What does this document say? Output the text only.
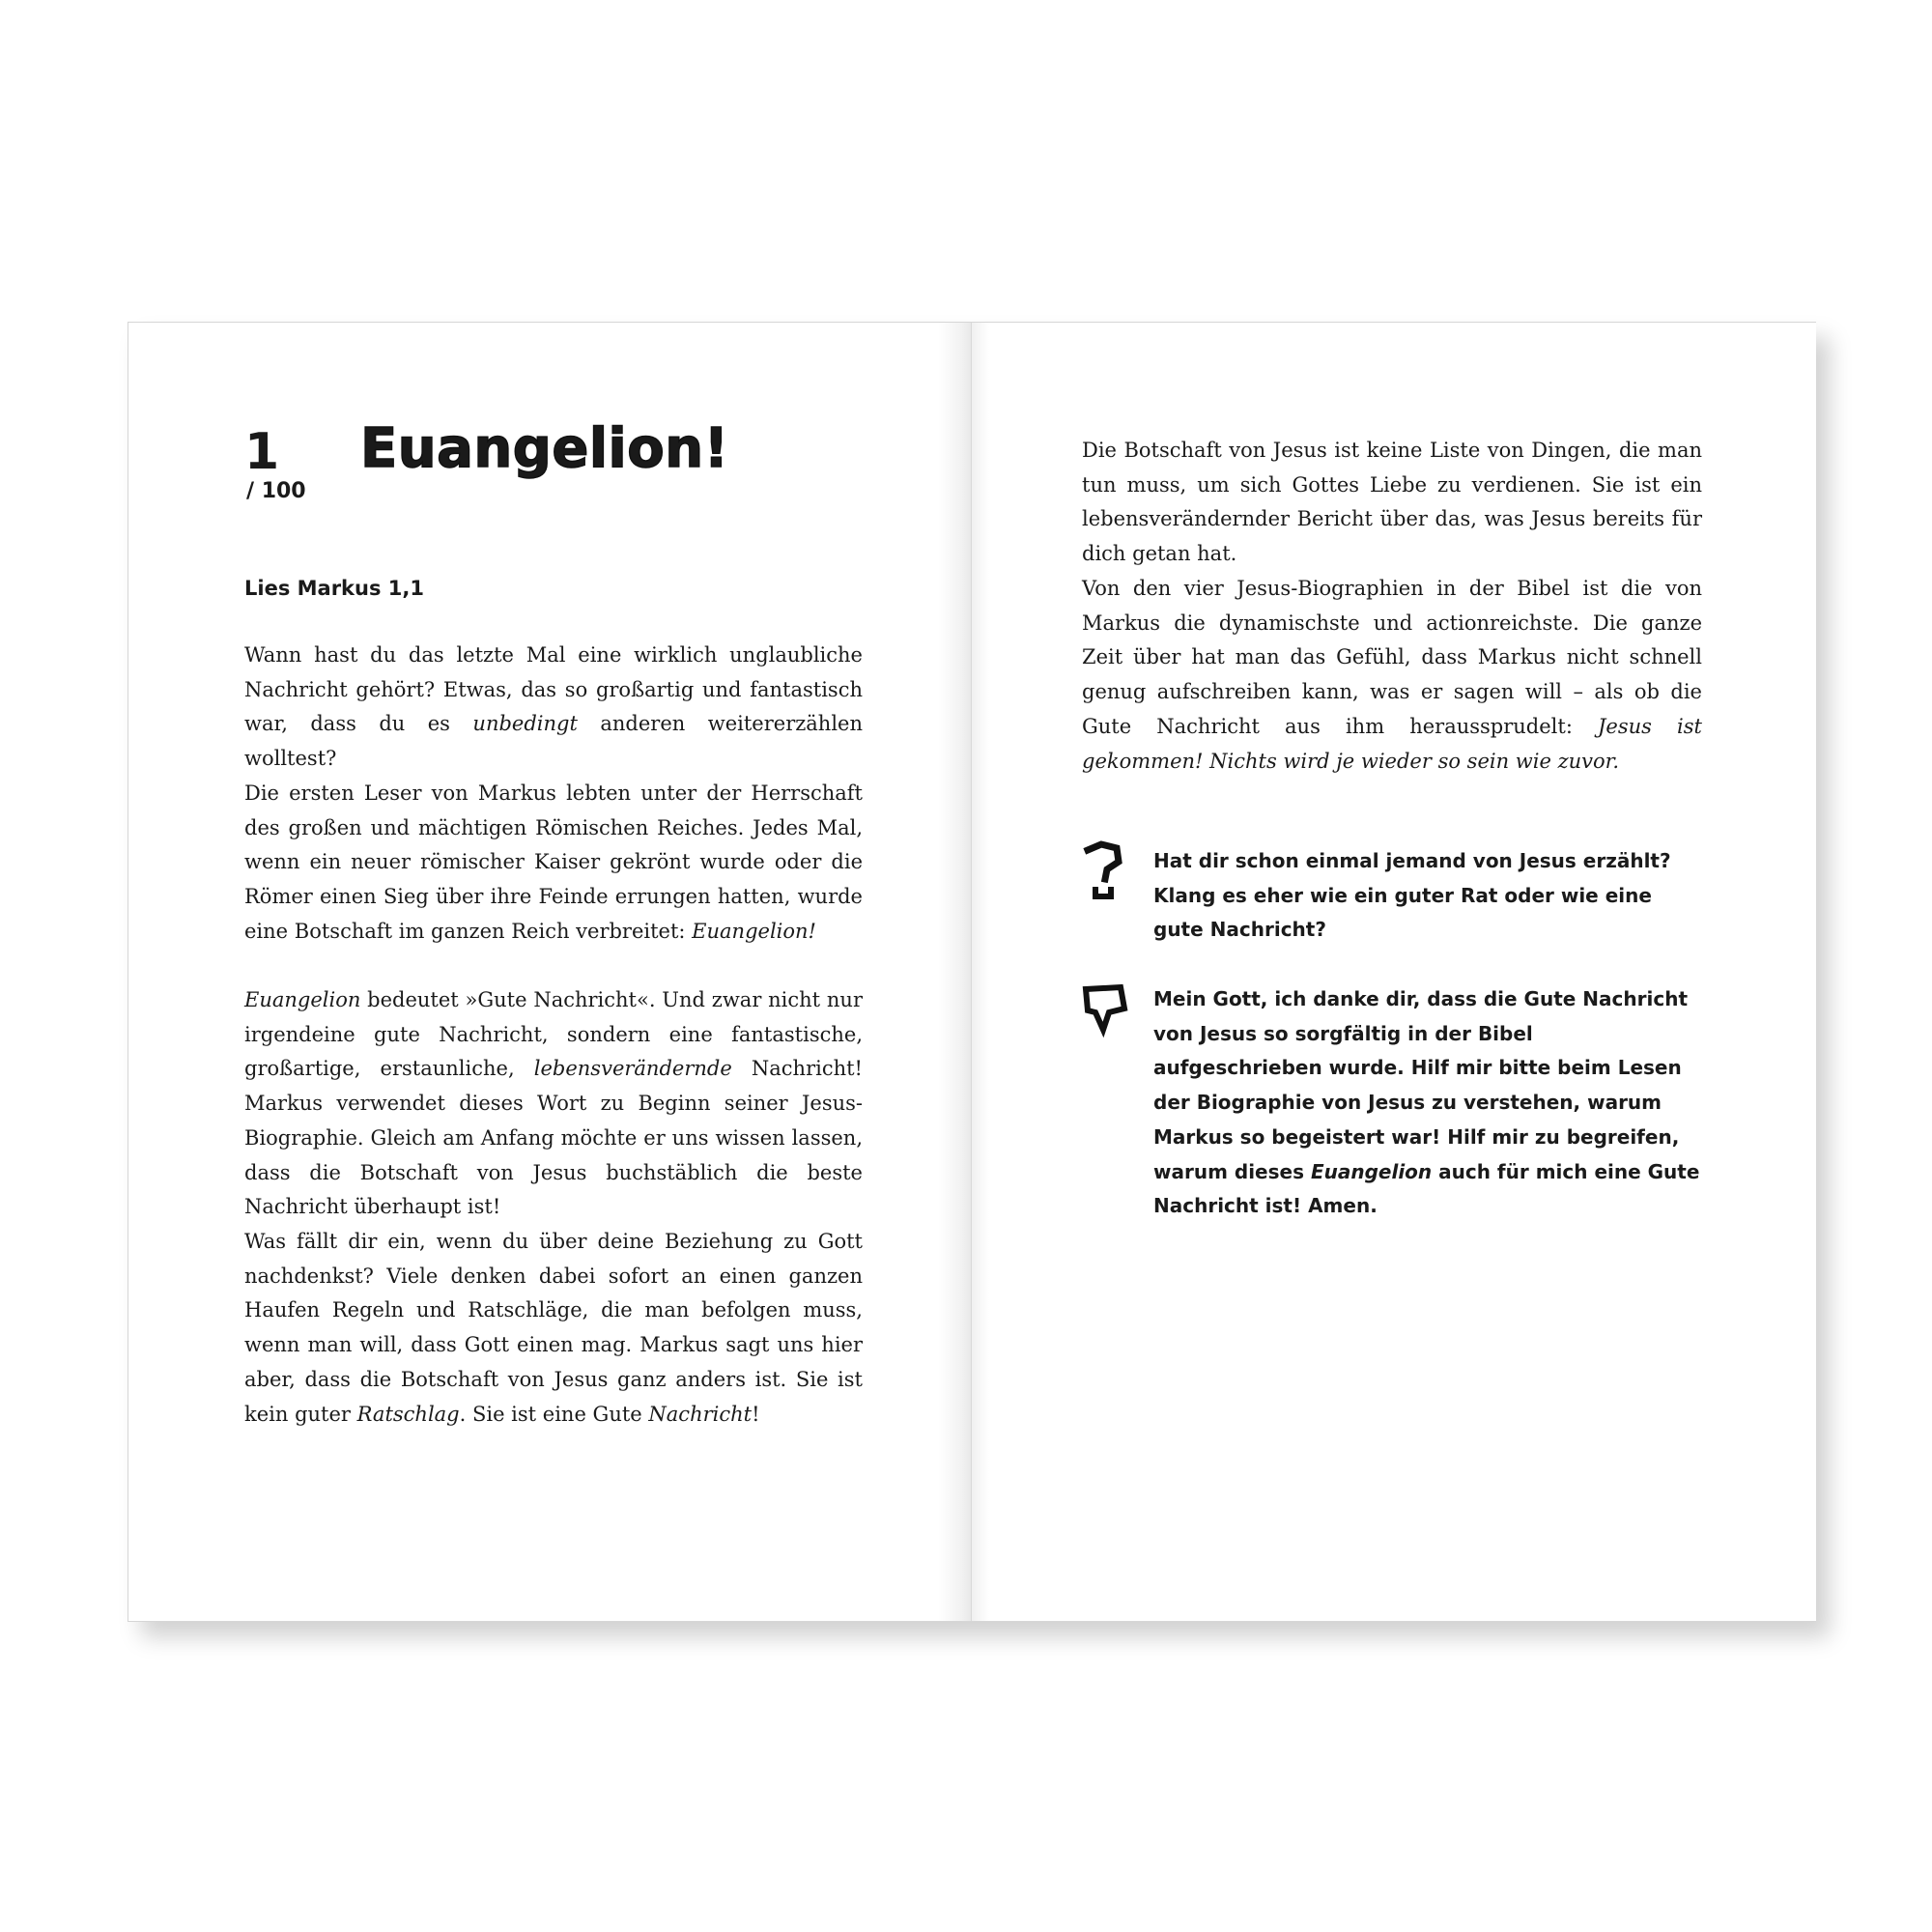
1
/ 100
Euangelion!
Lies Markus 1,1

Wann hast du das letzte Mal eine wirklich unglaubliche Nachricht gehört? Etwas, das so großartig und fantastisch war, dass du es unbedingt anderen weitererzählen wolltest?

Die ersten Leser von Markus lebten unter der Herrschaft des großen und mächtigen Römischen Reiches. Jedes Mal, wenn ein neuer römischer Kaiser gekrönt wurde oder die Römer einen Sieg über ihre Feinde errungen hatten, wurde eine Botschaft im ganzen Reich verbreitet: Euangelion!

Euangelion bedeutet »Gute Nachricht«. Und zwar nicht nur irgendeine gute Nachricht, sondern eine fantastische, großartige, erstaunliche, lebensverändernde Nachricht! Markus verwendet dieses Wort zu Beginn seiner Jesus-Biographie. Gleich am Anfang möchte er uns wissen lassen, dass die Botschaft von Jesus buchstäblich die beste Nachricht überhaupt ist!

Was fällt dir ein, wenn du über deine Beziehung zu Gott nachdenkst? Viele denken dabei sofort an einen ganzen Haufen Regeln und Ratschläge, die man befolgen muss, wenn man will, dass Gott einen mag. Markus sagt uns hier aber, dass die Botschaft von Jesus ganz anders ist. Sie ist kein guter Ratschlag. Sie ist eine Gute Nachricht!

Die Botschaft von Jesus ist keine Liste von Dingen, die man tun muss, um sich Gottes Liebe zu verdienen. Sie ist ein lebensverändernder Bericht über das, was Jesus bereits für dich getan hat.

Von den vier Jesus-Biographien in der Bibel ist die von Markus die dynamischste und actionreichste. Die ganze Zeit über hat man das Gefühl, dass Markus nicht schnell genug aufschreiben kann, was er sagen will – als ob die Gute Nachricht aus ihm heraussprudelt: Jesus ist gekommen! Nichts wird je wieder so sein wie zuvor.

Hat dir schon einmal jemand von Jesus erzählt? Klang es eher wie ein guter Rat oder wie eine gute Nachricht?

Mein Gott, ich danke dir, dass die Gute Nachricht von Jesus so sorgfältig in der Bibel aufgeschrieben wurde. Hilf mir bitte beim Lesen der Biographie von Jesus zu verstehen, warum Markus so begeistert war! Hilf mir zu begreifen, warum dieses Euangelion auch für mich eine Gute Nachricht ist! Amen.
